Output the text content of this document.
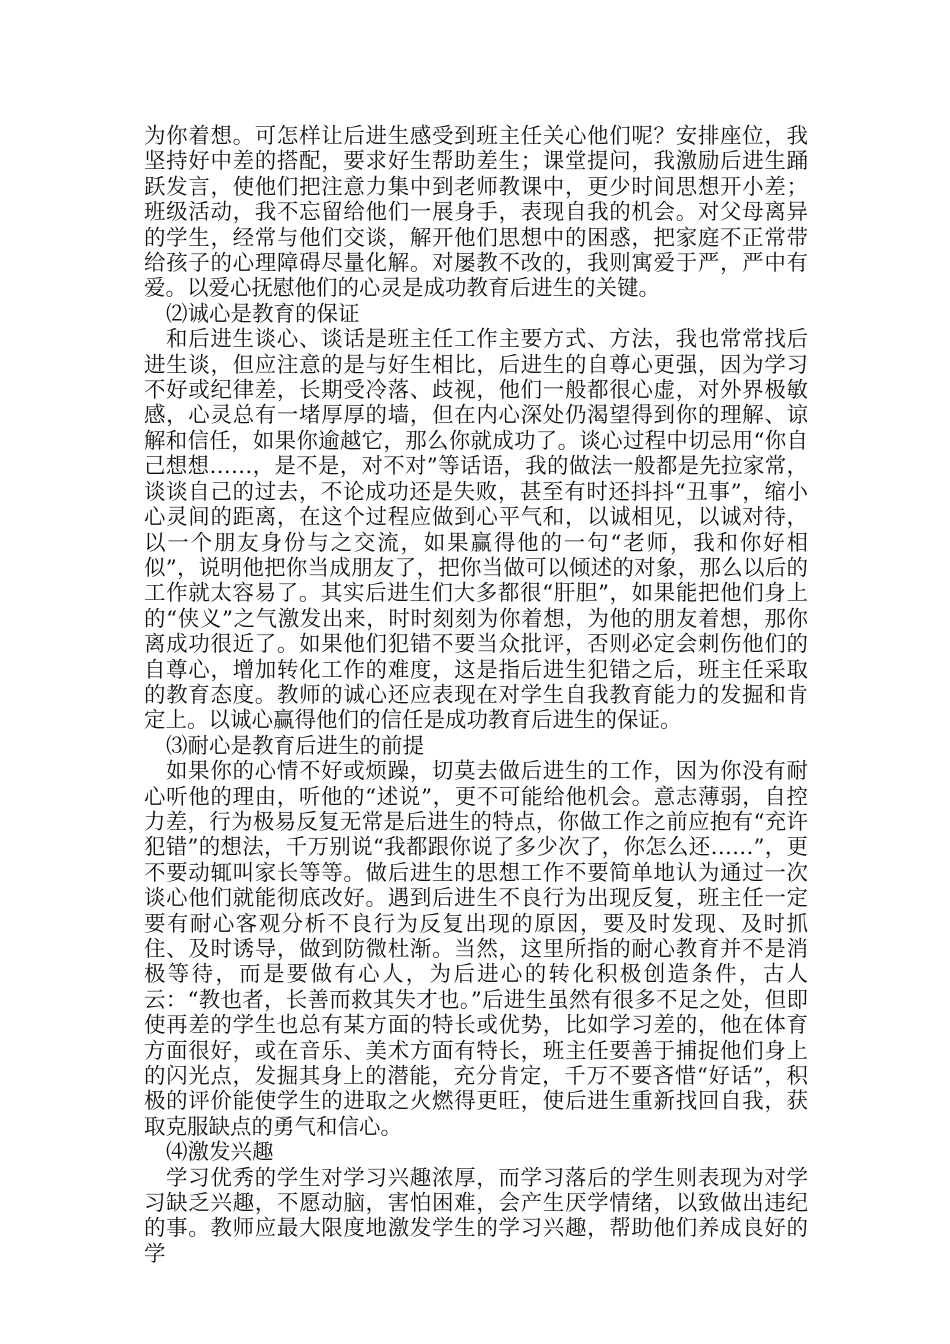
为你着想。可怎样让后进生感受到班主任关心他们呢？安排座位，我坚持好中差的搭配，要求好生帮助差生；课堂提问，我激励后进生踊跃发言，使他们把注意力集中到老师教课中，更少时间思想开小差；班级活动，我不忘留给他们一展身手，表现自我的机会。对父母离异的学生，经常与他们交谈，解开他们思想中的困惑，把家庭不正常带给孩子的心理障碍尽量化解。对屡教不改的，我则寓爱于严，严中有爱。以爱心抚慰他们的心灵是成功教育后进生的关键。

⑵诚心是教育的保证

和后进生谈心、谈话是班主任工作主要方式、方法，我也常常找后进生谈，但应注意的是与好生相比，后进生的自尊心更强，因为学习不好或纪律差，长期受冷落、歧视，他们一般都很心虚，对外界极敏感，心灵总有一堵厚厚的墙，但在内心深处仍渴望得到你的理解、谅解和信任，如果你逾越它，那么你就成功了。谈心过程中切忌用“你自己想想……，是不是，对不对”等话语，我的做法一般都是先拉家常，谈谈自己的过去，不论成功还是失败，甚至有时还抖抖“丑事”，缩小心灵间的距离，在这个过程应做到心平气和，以诚相见，以诚对待，以一个朋友身份与之交流，如果赢得他的一句“老师，我和你好相似”，说明他把你当成朋友了，把你当做可以倾述的对象，那么以后的工作就太容易了。其实后进生们大多都很“肝胆”，如果能把他们身上的“侠义”之气激发出来，时时刻刻为你着想，为他的朋友着想，那你离成功很近了。如果他们犯错不要当众批评，否则必定会刺伤他们的自尊心，增加转化工作的难度，这是指后进生犯错之后，班主任采取的教育态度。教师的诚心还应表现在对学生自我教育能力的发掘和肯定上。以诚心赢得他们的信任是成功教育后进生的保证。

⑶耐心是教育后进生的前提

如果你的心情不好或烦躁，切莫去做后进生的工作，因为你没有耐心听他的理由，听他的“述说”，更不可能给他机会。意志薄弱，自控力差，行为极易反复无常是后进生的特点，你做工作之前应抱有“充许犯错”的想法，千万别说“我都跟你说了多少次了，你怎么还……”，更不要动辄叫家长等等。做后进生的思想工作不要简单地认为通过一次谈心他们就能彻底改好。遇到后进生不良行为出现反复，班主任一定要有耐心客观分析不良行为反复出现的原因，要及时发现、及时抓住、及时诱导，做到防微杜渐。当然，这里所指的耐心教育并不是消极等待，而是要做有心人，为后进心的转化积极创造条件，古人云：“教也者，长善而救其失才也。”后进生虽然有很多不足之处，但即使再差的学生也总有某方面的特长或优势，比如学习差的，他在体育方面很好，或在音乐、美术方面有特长，班主任要善于捕捉他们身上的闪光点，发掘其身上的潜能，充分肯定，千万不要吝惜“好话”，积极的评价能使学生的进取之火燃得更旺，使后进生重新找回自我，获取克服缺点的勇气和信心。

⑷激发兴趣

学习优秀的学生对学习兴趣浓厚，而学习落后的学生则表现为对学习缺乏兴趣，不愿动脑，害怕困难，会产生厌学情绪，以致做出违纪的事。教师应最大限度地激发学生的学习兴趣，帮助他们养成良好的学
